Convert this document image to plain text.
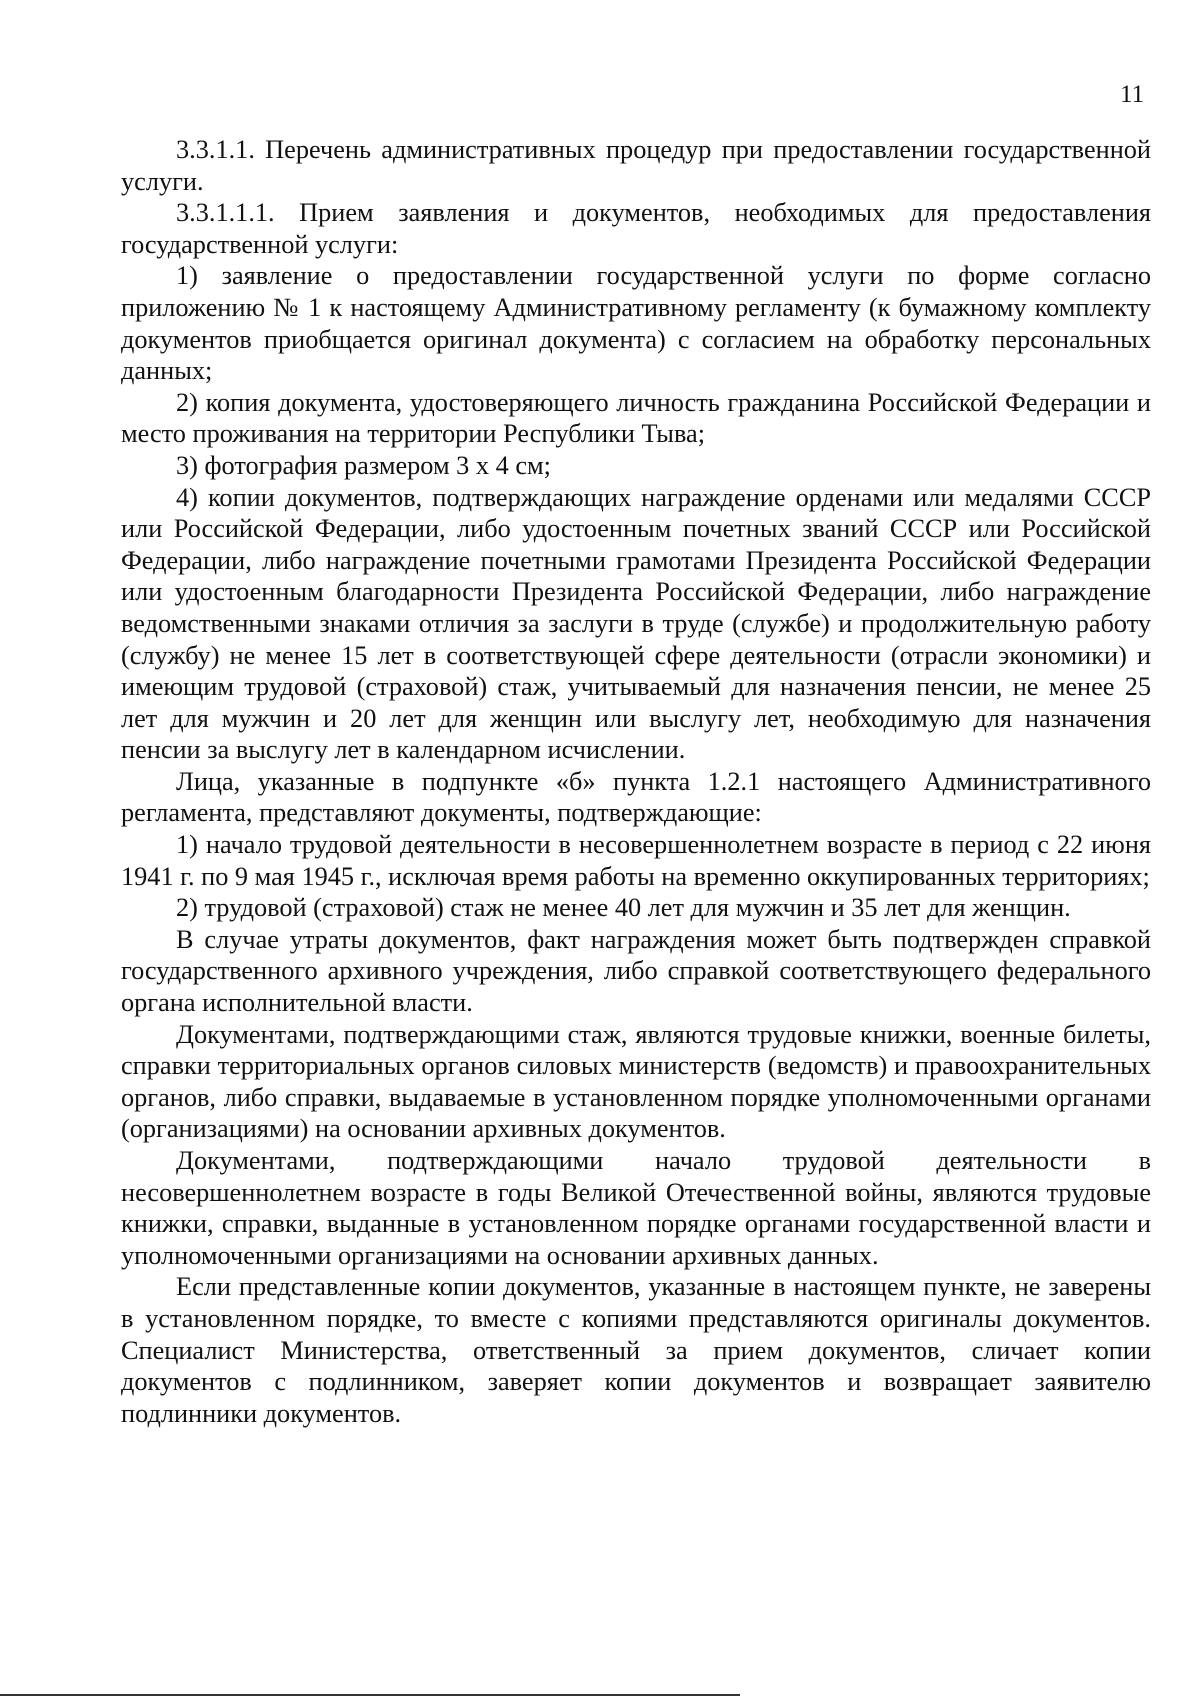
11

3.3.1.1. Перечень административных процедур при предоставлении государственной услуги.

3.3.1.1.1. Прием заявления и документов, необходимых для предоставления государственной услуги:

1) заявление о предоставлении государственной услуги по форме согласно приложению № 1 к настоящему Административному регламенту (к бумажному комплекту документов приобщается оригинал документа) с согласием на обработку персональных данных;

2) копия документа, удостоверяющего личность гражданина Российской Федерации и место проживания на территории Республики Тыва;

3) фотография размером 3 х 4 см;

4) копии документов, подтверждающих награждение орденами или медалями СССР или Российской Федерации, либо удостоенным почетных званий СССР или Российской Федерации, либо награждение почетными грамотами Президента Российской Федерации или удостоенным благодарности Президента Российской Федерации, либо награждение ведомственными знаками отличия за заслуги в труде (службе) и продолжительную работу (службу) не менее 15 лет в соответствующей сфере деятельности (отрасли экономики) и имеющим трудовой (страховой) стаж, учитываемый для назначения пенсии, не менее 25 лет для мужчин и 20 лет для женщин или выслугу лет, необходимую для назначения пенсии за выслугу лет в календарном исчислении.

Лица, указанные в подпункте «б» пункта 1.2.1 настоящего Административного регламента, представляют документы, подтверждающие:

1) начало трудовой деятельности в несовершеннолетнем возрасте в период с 22 июня 1941 г. по 9 мая 1945 г., исключая время работы на временно оккупированных территориях;

2) трудовой (страховой) стаж не менее 40 лет для мужчин и 35 лет для женщин.

В случае утраты документов, факт награждения может быть подтвержден справкой государственного архивного учреждения, либо справкой соответствующего федерального органа исполнительной власти.

Документами, подтверждающими стаж, являются трудовые книжки, военные билеты, справки территориальных органов силовых министерств (ведомств) и правоохранительных органов, либо справки, выдаваемые в установленном порядке уполномоченными органами (организациями) на основании архивных документов.

Документами, подтверждающими начало трудовой деятельности в несовершеннолетнем возрасте в годы Великой Отечественной войны, являются трудовые книжки, справки, выданные в установленном порядке органами государственной власти и уполномоченными организациями на основании архивных данных.

Если представленные копии документов, указанные в настоящем пункте, не заверены в установленном порядке, то вместе с копиями представляются оригиналы документов. Специалист Министерства, ответственный за прием документов, сличает копии документов с подлинником, заверяет копии документов и возвращает заявителю подлинники документов.
